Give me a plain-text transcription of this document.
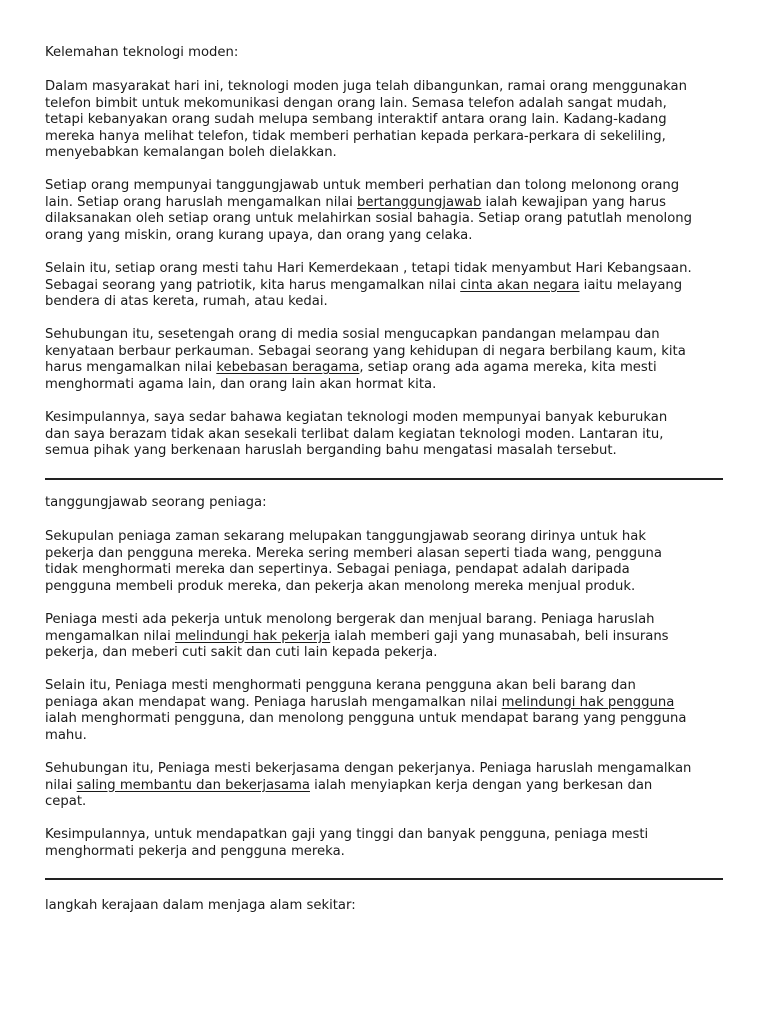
Kelemahan teknologi moden:

Dalam masyarakat hari ini, teknologi moden juga telah dibangunkan, ramai orang menggunakan
telefon bimbit untuk mekomunikasi dengan orang lain. Semasa telefon adalah sangat mudah,
tetapi kebanyakan orang sudah melupa sembang interaktif antara orang lain. Kadang-kadang
mereka hanya melihat telefon, tidak memberi perhatian kepada perkara-perkara di sekeliling,
menyebabkan kemalangan boleh dielakkan.

Setiap orang mempunyai tanggungjawab untuk memberi perhatian dan tolong melonong orang
lain. Setiap orang haruslah mengamalkan nilai bertanggungjawab ialah kewajipan yang harus
dilaksanakan oleh setiap orang untuk melahirkan sosial bahagia. Setiap orang patutlah menolong
orang yang miskin, orang kurang upaya, dan orang yang celaka.

Selain itu, setiap orang mesti tahu Hari Kemerdekaan , tetapi tidak menyambut Hari Kebangsaan.
Sebagai seorang yang patriotik, kita harus mengamalkan nilai cinta akan negara iaitu melayang
bendera di atas kereta, rumah, atau kedai.

Sehubungan itu, sesetengah orang di media sosial mengucapkan pandangan melampau dan
kenyataan berbaur perkauman. Sebagai seorang yang kehidupan di negara berbilang kaum, kita
harus mengamalkan nilai kebebasan beragama, setiap orang ada agama mereka, kita mesti
menghormati agama lain, dan orang lain akan hormat kita.

Kesimpulannya, saya sedar bahawa kegiatan teknologi moden mempunyai banyak keburukan
dan saya berazam tidak akan sesekali terlibat dalam kegiatan teknologi moden. Lantaran itu,
semua pihak yang berkenaan haruslah berganding bahu mengatasi masalah tersebut.

tanggungjawab seorang peniaga:

Sekupulan peniaga zaman sekarang melupakan tanggungjawab seorang dirinya untuk hak
pekerja dan pengguna mereka. Mereka sering memberi alasan seperti tiada wang, pengguna
tidak menghormati mereka dan sepertinya. Sebagai peniaga, pendapat adalah daripada
pengguna membeli produk mereka, dan pekerja akan menolong mereka menjual produk.

Peniaga mesti ada pekerja untuk menolong bergerak dan menjual barang. Peniaga haruslah
mengamalkan nilai melindungi hak pekerja ialah memberi gaji yang munasabah, beli insurans
pekerja, dan meberi cuti sakit dan cuti lain kepada pekerja.

Selain itu, Peniaga mesti menghormati pengguna kerana pengguna akan beli barang dan
peniaga akan mendapat wang. Peniaga haruslah mengamalkan nilai melindungi hak pengguna
ialah menghormati pengguna, dan menolong pengguna untuk mendapat barang yang pengguna
mahu.

Sehubungan itu, Peniaga mesti bekerjasama dengan pekerjanya. Peniaga haruslah mengamalkan
nilai saling membantu dan bekerjasama ialah menyiapkan kerja dengan yang berkesan dan
cepat.

Kesimpulannya, untuk mendapatkan gaji yang tinggi dan banyak pengguna, peniaga mesti
menghormati pekerja and pengguna mereka.

langkah kerajaan dalam menjaga alam sekitar:
